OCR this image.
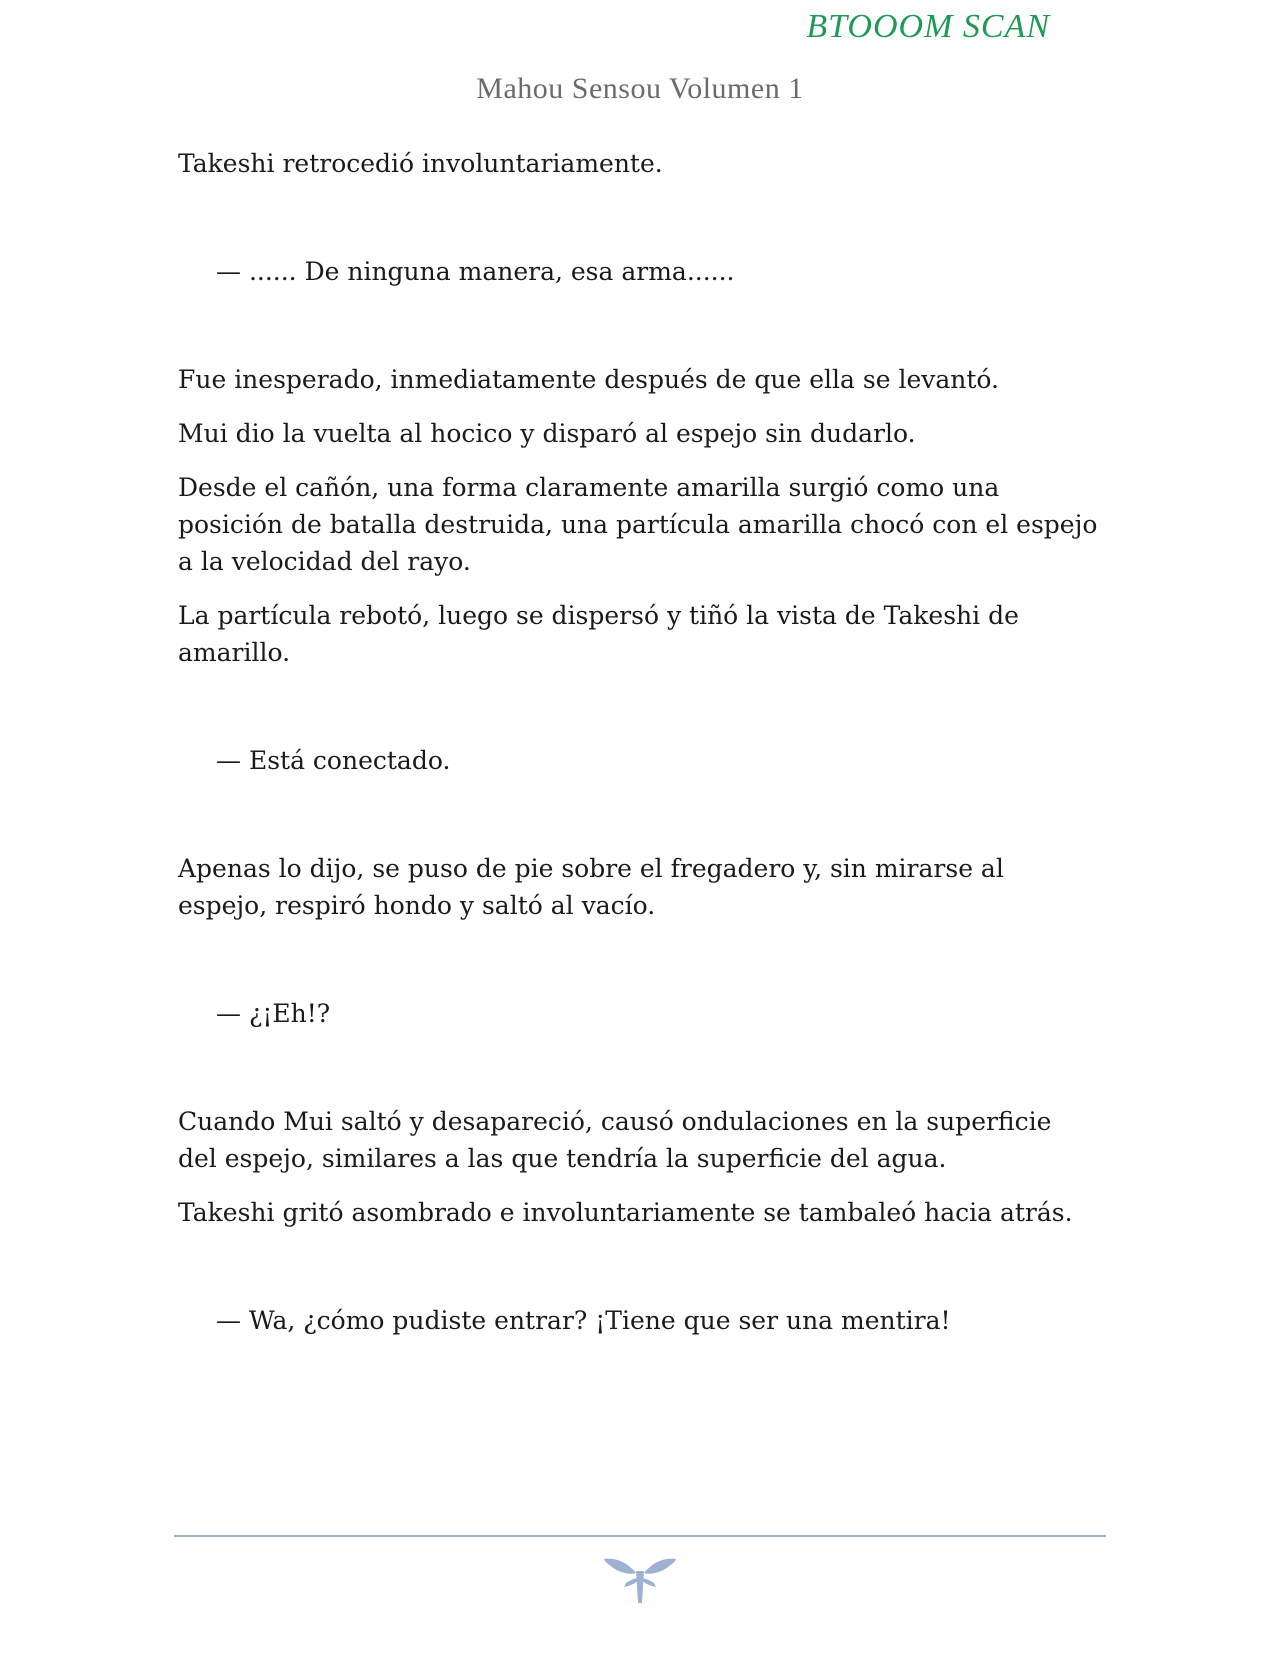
BTOOOM SCAN
Mahou Sensou Volumen 1

Takeshi retrocedió involuntariamente.

— ...... De ninguna manera, esa arma......

Fue inesperado, inmediatamente después de que ella se levantó.

Mui dio la vuelta al hocico y disparó al espejo sin dudarlo.

Desde el cañón, una forma claramente amarilla surgió como una posición de batalla destruida, una partícula amarilla chocó con el espejo a la velocidad del rayo.

La partícula rebotó, luego se dispersó y tiñó la vista de Takeshi de amarillo.

— Está conectado.

Apenas lo dijo, se puso de pie sobre el fregadero y, sin mirarse al espejo, respiró hondo y saltó al vacío.

— ¿¡Eh!?

Cuando Mui saltó y desapareció, causó ondulaciones en la superficie del espejo, similares a las que tendría la superficie del agua.

Takeshi gritó asombrado e involuntariamente se tambaleó hacia atrás.

— Wa, ¿cómo pudiste entrar? ¡Tiene que ser una mentira!
